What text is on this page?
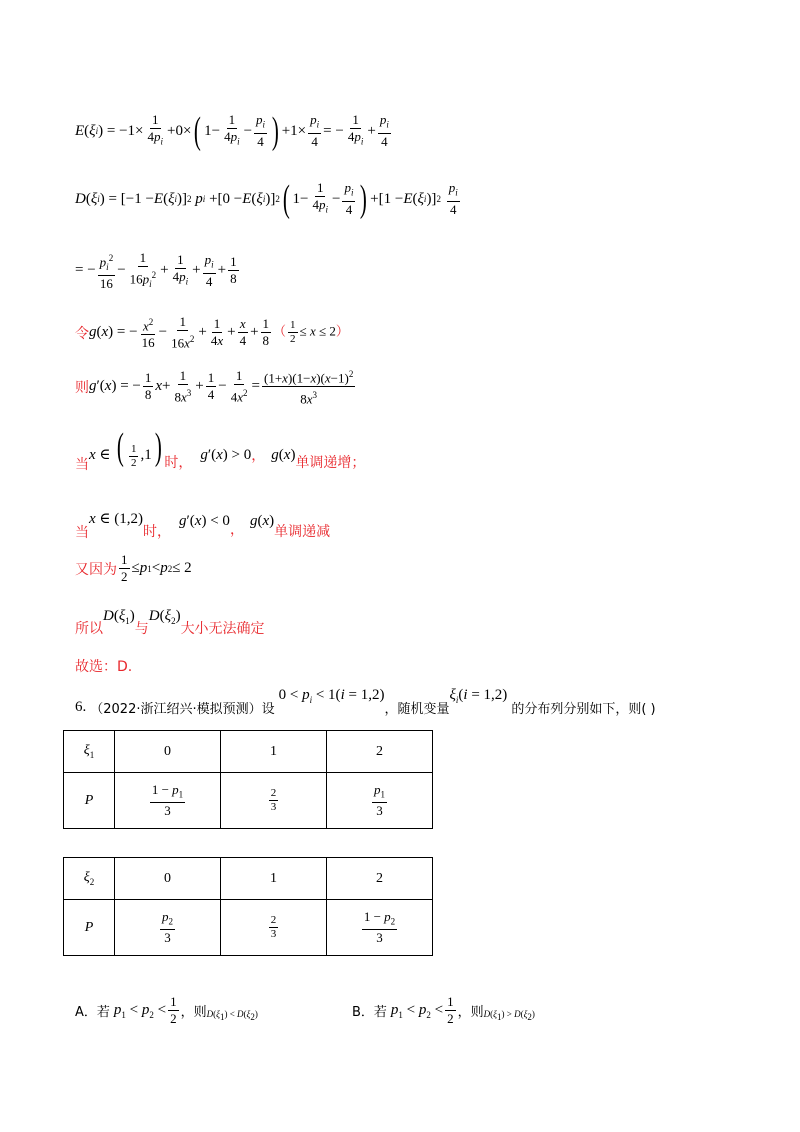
E ( ξ i ) = $-1\times \frac{1}{4p_i} +0\times$ ( $1- \frac{1}{4p_i} - \frac{p_i}{4}$ ) $+1\times \frac{p_i}{4}$ = − $\frac{1}{4p_i} + \frac{p_i}{4}$
D ( ξ i ) = [−1 − E ( ξ i )] 2
p i +[0 − E ( ξ i )] 2 ( $1- \frac{1}{4p_i} - \frac{p_i}{4}$ ) +[1 − E ( ξ i )] 2
$\frac{p_i}{4}$
= − $\frac{p_i^2}{16} - \frac{1}{16p_i^2} + \frac{1}{4p_i} + \frac{p_i}{4} + \frac{1}{8}$
令 g ( x ) = − $\frac{x^2}{16} - \frac{1}{16x^2} + \frac{1}{4x} + \frac{x}{4} + \frac{1}{8}$ （ $\frac{1}{2} \le x \le 2$）
则 g ′( x ) = − $\frac{1}{8}$ $x + \frac{1}{8x^3} + \frac{1}{4} - \frac{1}{4x^2} = \frac{(1+x)(1-x)(x-1)^2}{8x^3}$
当
x ∈ ( $\frac{1}{2} ,1$) 时，
g′(x) > 0 ， g(x)
单调递增；
当
x ∈ (1,2)
时，
g′(x) < 0
，
g(x)
单调递减
又因为 $\frac{1}{2} \le p$ 1 < p 2 ≤ 2
所以
$D(\xi_1)$
与
$D(\xi_2)$
大小无法确定
故选：D.
6. （2022·浙江绍兴·模拟预测）设
$0 < p_i < 1(i = 1,2)$
，随机变量
$\xi_i(i = 1,2)$
的分布列分别如下，则( )
$\xi_1$	0	1	2
P	$\frac{1 - p_1}{3}$	$\frac{2}{3}$	$\frac{p_1}{3}$
$\xi_2$	0	1	2
P	$\frac{p_2}{3}$	$\frac{2}{3}$	$\frac{1 - p_2}{3}$
A．若 $p_1 < p_2 < \frac{1}{2}$ ，则 $D(\xi_1) < D(\xi_2)$	B．若 $p_1 < p_2 < \frac{1}{2}$ ，则 $D(\xi_1) > D(\xi_2)$
